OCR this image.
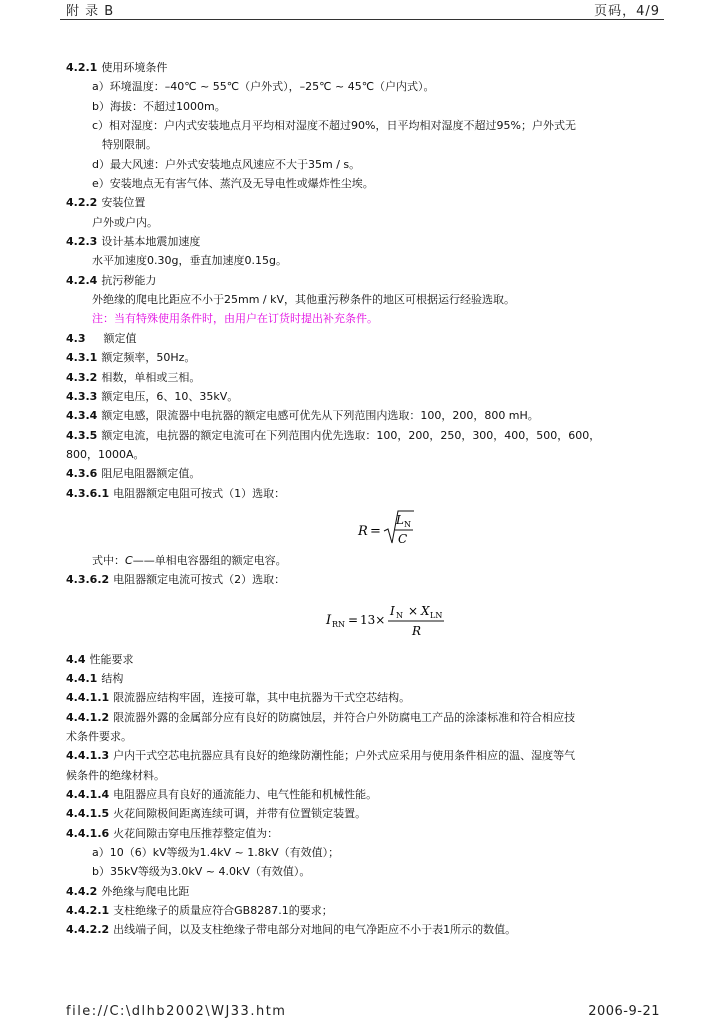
附 录 B	页码，4/9
4.2.1 使用环境条件
a）环境温度：–40℃ ~ 55℃（户外式），–25℃ ~ 45℃（户内式）。
b）海拔：不超过1000m。
c）相对湿度：户内式安装地点月平均相对湿度不超过90%，日平均相对湿度不超过95%；户外式无
特别限制。
d）最大风速：户外式安装地点风速应不大于35m / s。
e）安装地点无有害气体、蒸汽及无导电性或爆炸性尘埃。
4.2.2 安装位置
户外或户内。
4.2.3 设计基本地震加速度
水平加速度0.30g，垂直加速度0.15g。
4.2.4 抗污秽能力
外绝缘的爬电比距应不小于25mm / kV，其他重污秽条件的地区可根据运行经验选取。
注：当有特殊使用条件时，由用户在订货时提出补充条件。
4.3 额定值
4.3.1 额定频率，50Hz。
4.3.2 相数，单相或三相。
4.3.3 额定电压，6、10、35kV。
4.3.4 额定电感，限流器中电抗器的额定电感可优先从下列范围内选取：100，200，800 mH。
4.3.5 额定电流，电抗器的额定电流可在下列范围内优先选取：100，200，250，300，400，500，600，
800，1000A。
4.3.6 阻尼电阻器额定值。
4.3.6.1 电阻器额定电阻可按式（1）选取：
R =
L N
C
式中：C——单相电容器组的额定电容。
4.3.6.2 电阻器额定电流可按式（2）选取：
I RN = 13×
I N × X LN
R
4.4 性能要求
4.4.1 结构
4.4.1.1 限流器应结构牢固，连接可靠，其中电抗器为干式空芯结构。
4.4.1.2 限流器外露的金属部分应有良好的防腐蚀层，并符合户外防腐电工产品的涂漆标准和符合相应技
术条件要求。
4.4.1.3 户内干式空芯电抗器应具有良好的绝缘防潮性能；户外式应采用与使用条件相应的温、湿度等气
候条件的绝缘材料。
4.4.1.4 电阻器应具有良好的通流能力、电气性能和机械性能。
4.4.1.5 火花间隙极间距离连续可调，并带有位置锁定装置。
4.4.1.6 火花间隙击穿电压推荐整定值为：
a）10（6）kV等级为1.4kV ~ 1.8kV（有效值）；
b）35kV等级为3.0kV ~ 4.0kV（有效值）。
4.4.2 外绝缘与爬电比距
4.4.2.1 支柱绝缘子的质量应符合GB8287.1的要求；
4.4.2.2 出线端子间，以及支柱绝缘子带电部分对地间的电气净距应不小于表1所示的数值。
file://C:\dlhb2002\WJ33.htm	2006-9-21
